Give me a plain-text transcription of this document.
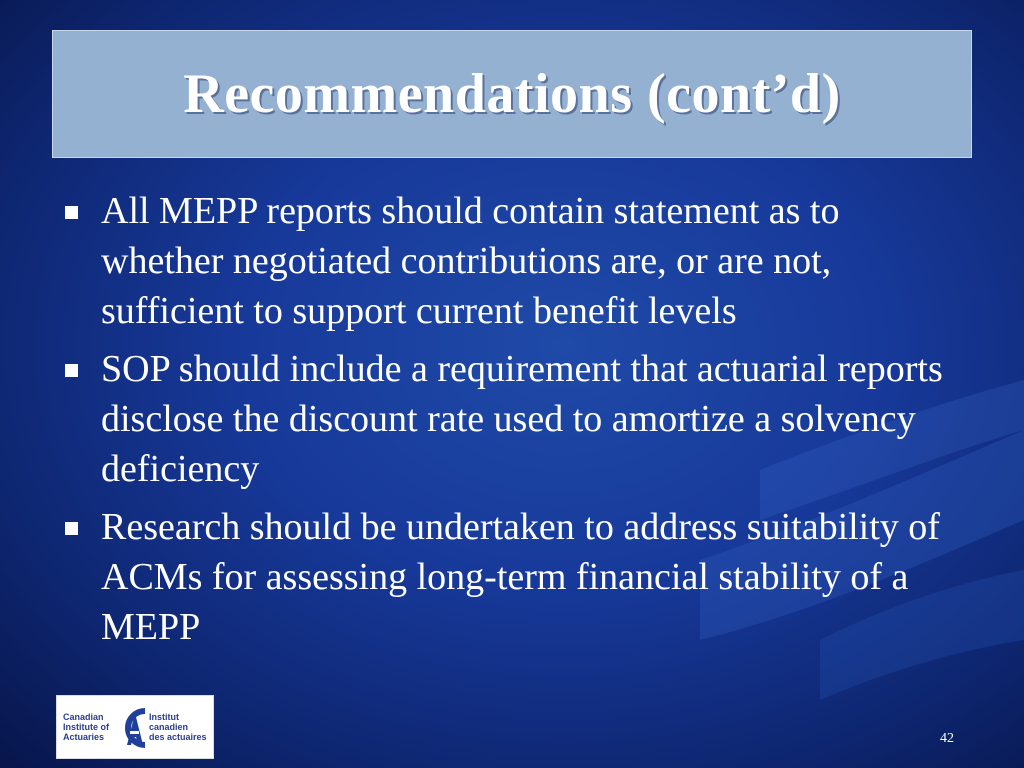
Recommendations (cont’d)
All MEPP reports should contain statement as to whether negotiated contributions are, or are not, sufficient to support current benefit levels
SOP should include a requirement that actuarial reports disclose the discount rate used to amortize a solvency deficiency
Research should be undertaken to address suitability of ACMs for assessing long-term financial stability of a MEPP
Canadian
Institute of
Actuaries
Institut
canadien
des actuaires	42
